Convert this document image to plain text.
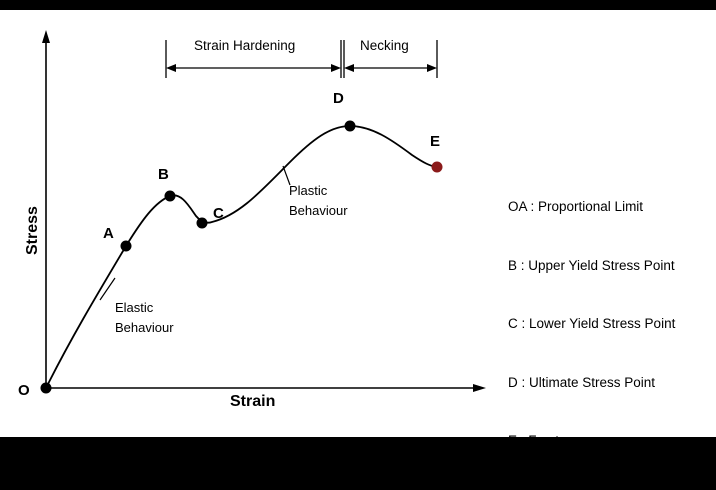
Strain
Stress
O
Strain Hardening	Necking
A
B
C
D
E
Elastic
Behaviour
Plastic
Behaviour

	OA : Proportional Limit

B : Upper Yield Stress Point

C : Lower Yield Stress Point

D : Ultimate Stress Point

E : Fracture
